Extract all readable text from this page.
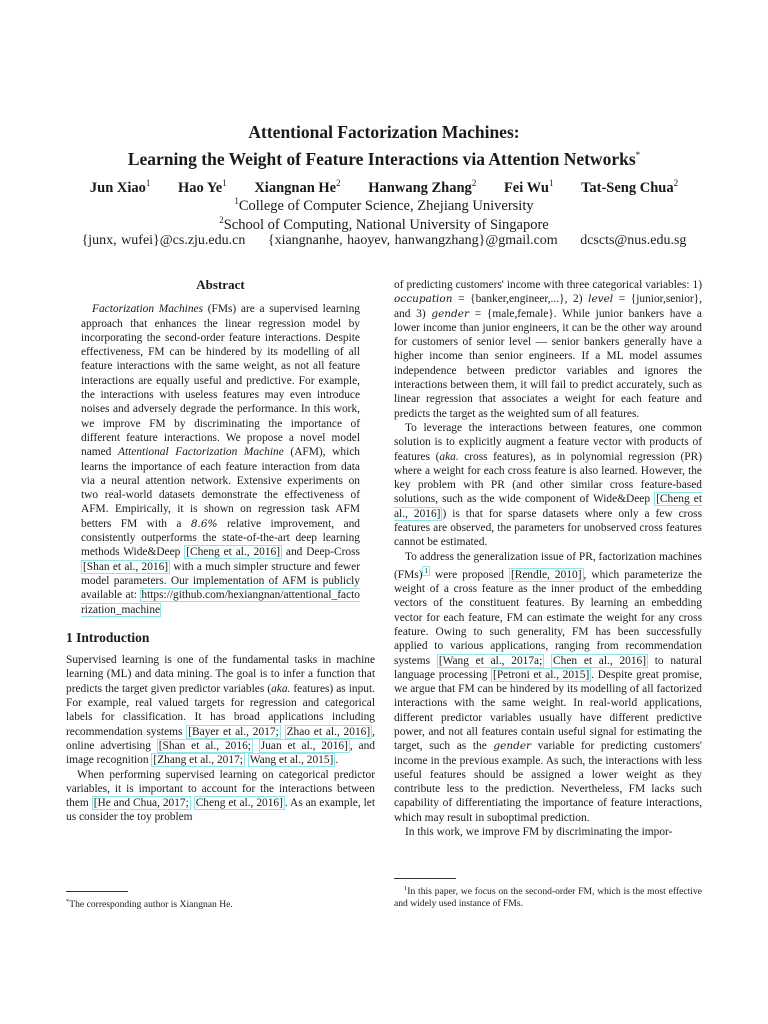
Attentional Factorization Machines:
Learning the Weight of Feature Interactions via Attention Networks*
Jun Xiao$^1$ Hao Ye$^1$ Xiangnan He$^2$ Hanwang Zhang$^2$ Fei Wu$^1$ Tat-Seng Chua$^2$
$^1$College of Computer Science, Zhejiang University
$^2$School of Computing, National University of Singapore
{junx, wufei}@cs.zju.edu.cn {xiangnanhe, haoyev, hanwangzhang}@gmail.com dcscts@nus.edu.sg
Abstract

Factorization Machines (FMs) are a supervised learning approach that enhances the linear regression model by incorporating the second-order feature interactions. Despite effectiveness, FM can be hindered by its modelling of all feature interactions with the same weight, as not all feature interactions are equally useful and predictive. For example, the interactions with useless features may even introduce noises and adversely degrade the performance. In this work, we improve FM by discriminating the importance of different feature interactions. We propose a novel model named Attentional Factorization Machine (AFM), which learns the importance of each feature interaction from data via a neural attention network. Extensive experiments on two real-world datasets demonstrate the effectiveness of AFM. Empirically, it is shown on regression task AFM betters FM with a 8.6% relative improvement, and consistently outperforms the state-of-the-art deep learning methods Wide&Deep [Cheng et al., 2016] and Deep-Cross [Shan et al., 2016] with a much simpler structure and fewer model parameters. Our implementation of AFM is publicly available at: https://github.com/hexiangnan/attentional_factorization_machine

1 Introduction

Supervised learning is one of the fundamental tasks in machine learning (ML) and data mining. The goal is to infer a function that predicts the target given predictor variables (aka. features) as input. For example, real valued targets for regression and categorical labels for classification. It has broad applications including recommendation systems [Bayer et al., 2017; Zhao et al., 2016] , online advertising [Shan et al., 2016; Juan et al., 2016] , and image recognition [Zhang et al., 2017; Wang et al., 2015] .

When performing supervised learning on categorical predictor variables, it is important to account for the interactions between them [He and Chua, 2017; Cheng et al., 2016] . As an example, let us consider the toy problem

of predicting customers' income with three categorical variables: 1) occupation = {banker,engineer,...}, 2) level = {junior,senior}, and 3) gender = {male,female}. While junior bankers have a lower income than junior engineers, it can be the other way around for customers of senior level — senior bankers generally have a higher income than senior engineers. If a ML model assumes independence between predictor variables and ignores the interactions between them, it will fail to predict accurately, such as linear regression that associates a weight for each feature and predicts the target as the weighted sum of all features.

To leverage the interactions between features, one common solution is to explicitly augment a feature vector with products of features (aka. cross features), as in polynomial regression (PR) where a weight for each cross feature is also learned. However, the key problem with PR (and other similar cross feature-based solutions, such as the wide component of Wide&Deep [Cheng et al., 2016] ) is that for sparse datasets where only a few cross features are observed, the parameters for unobserved cross features cannot be estimated.

To address the generalization issue of PR, factorization machines (FMs) $^1$ were proposed [Rendle, 2010] , which parameterize the weight of a cross feature as the inner product of the embedding vectors of the constituent features. By learning an embedding vector for each feature, FM can estimate the weight for any cross feature. Owing to such generality, FM has been successfully applied to various applications, ranging from recommendation systems [Wang et al., 2017a; Chen et al., 2016] to natural language processing [Petroni et al., 2015] . Despite great promise, we argue that FM can be hindered by its modelling of all factorized interactions with the same weight. In real-world applications, different predictor variables usually have different predictive power, and not all features contain useful signal for estimating the target, such as the gender variable for predicting customers' income in the previous example. As such, the interactions with less useful features should be assigned a lower weight as they contribute less to the prediction. Nevertheless, FM lacks such capability of differentiating the importance of feature interactions, which may result in suboptimal prediction.

In this work, we improve FM by discriminating the impor-

*The corresponding author is Xiangnan He.
$^1$In this paper, we focus on the second-order FM, which is the most effective and widely used instance of FMs.
